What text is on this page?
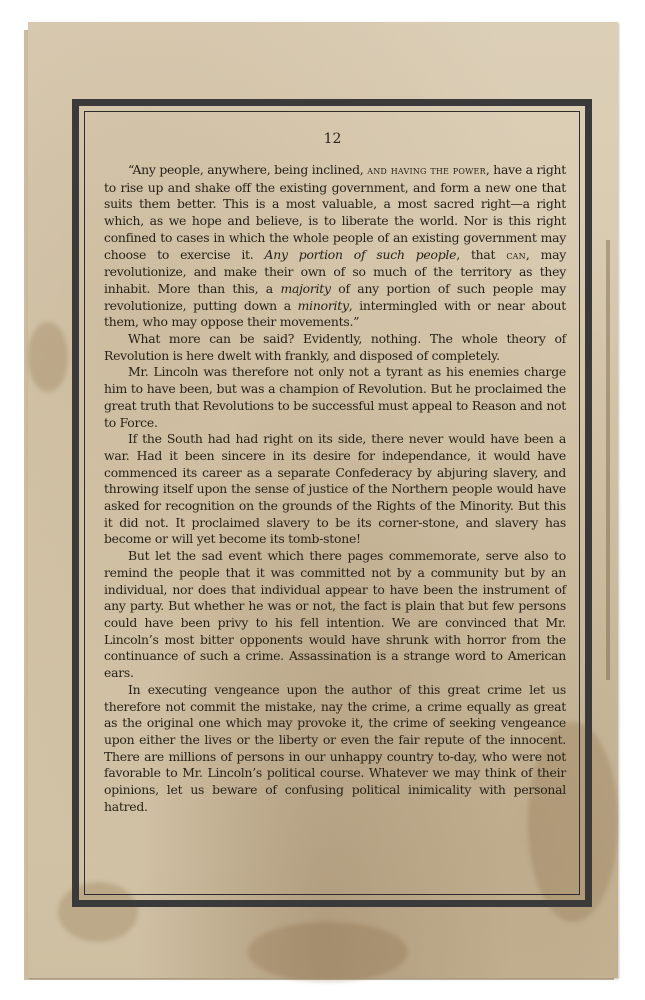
12

“Any people, anywhere, being inclined, and having the power, have a right to rise up and shake off the existing government, and form a new one that suits them better. This is a most valuable, a most sacred right—a right which, as we hope and believe, is to liberate the world. Nor is this right confined to cases in which the whole people of an existing government may choose to exercise it. Any portion of such people, that can, may revolutionize, and make their own of so much of the territory as they inhabit. More than this, a majority of any portion of such people may revolutionize, putting down a minority, intermingled with or near about them, who may oppose their movements.”

What more can be said? Evidently, nothing. The whole theory of Revolution is here dwelt with frankly, and disposed of completely.

Mr. Lincoln was therefore not only not a tyrant as his enemies charge him to have been, but was a champion of Revolution. But he proclaimed the great truth that Revolutions to be successful must appeal to Reason and not to Force.

If the South had had right on its side, there never would have been a war. Had it been sincere in its desire for independance, it would have commenced its career as a separate Confederacy by abjuring slavery, and throwing itself upon the sense of justice of the Northern people would have asked for recognition on the grounds of the Rights of the Minority. But this it did not. It proclaimed slavery to be its corner-stone, and slavery has become or will yet become its tomb-stone!

But let the sad event which there pages commemorate, serve also to remind the people that it was committed not by a community but by an individual, nor does that individual appear to have been the instrument of any party. But whether he was or not, the fact is plain that but few persons could have been privy to his fell intention. We are convinced that Mr. Lincoln’s most bitter opponents would have shrunk with horror from the continuance of such a crime. Assassination is a strange word to American ears.

In executing vengeance upon the author of this great crime let us therefore not commit the mistake, nay the crime, a crime equally as great as the original one which may provoke it, the crime of seeking vengeance upon either the lives or the liberty or even the fair repute of the innocent. There are millions of persons in our unhappy country to-day, who were not favorable to Mr. Lincoln’s political course. Whatever we may think of their opinions, let us beware of confusing political inimicality with personal hatred.
